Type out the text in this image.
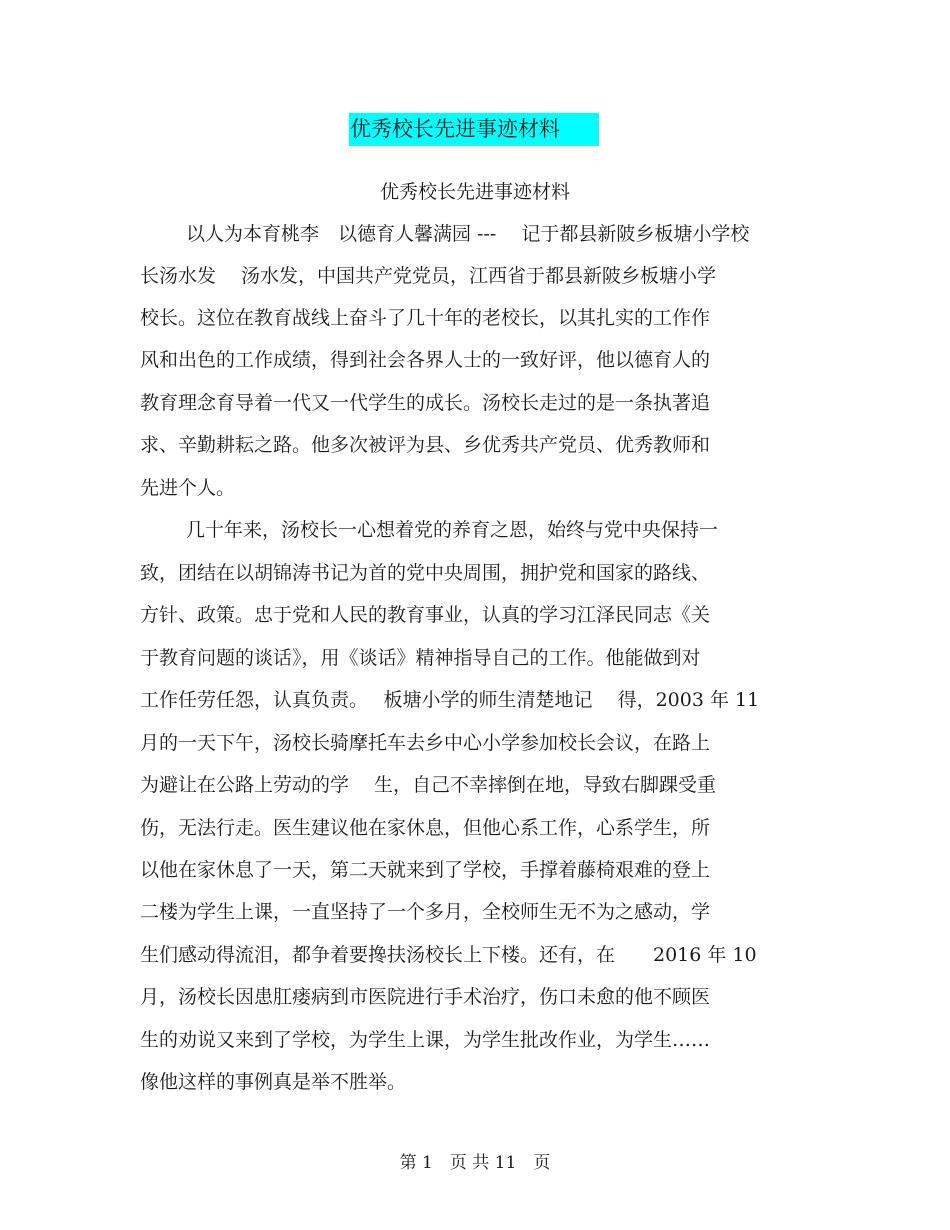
优秀校长先进事迹材料
优秀校长先进事迹材料
以人为本育桃李　以德育人馨满园 ---　 记于都县新陂乡板塘小学校
长汤水发　 汤水发，中国共产党党员，江西省于都县新陂乡板塘小学
校长。这位在教育战线上奋斗了几十年的老校长，以其扎实的工作作
风和出色的工作成绩，得到社会各界人士的一致好评，他以德育人的
教育理念育导着一代又一代学生的成长。汤校长走过的是一条执著追
求、辛勤耕耘之路。他多次被评为县、乡优秀共产党员、优秀教师和
先进个人。
几十年来，汤校长一心想着党的养育之恩，始终与党中央保持一
致，团结在以胡锦涛书记为首的党中央周围，拥护党和国家的路线、
方针、政策。忠于党和人民的教育事业，认真的学习江泽民同志《关
于教育问题的谈话》，用《谈话》精神指导自己的工作。他能做到对
工作任劳任怨，认真负责。　 板塘小学的师生清楚地记　 得，2003 年 11
月的一天下午，汤校长骑摩托车去乡中心小学参加校长会议，在路上
为避让在公路上劳动的学　 生，自己不幸摔倒在地，导致右脚踝受重
伤，无法行走。医生建议他在家休息，但他心系工作，心系学生，所
以他在家休息了一天，第二天就来到了学校，手撑着藤椅艰难的登上
二楼为学生上课，一直坚持了一个多月，全校师生无不为之感动，学
生们感动得流泪，都争着要搀扶汤校长上下楼。还有，在　　2016 年 10
月，汤校长因患肛瘘病到市医院进行手术治疗，伤口未愈的他不顾医
生的劝说又来到了学校，为学生上课，为学生批改作业，为学生……
像他这样的事例真是举不胜举。
第 1　页 共 11　页
